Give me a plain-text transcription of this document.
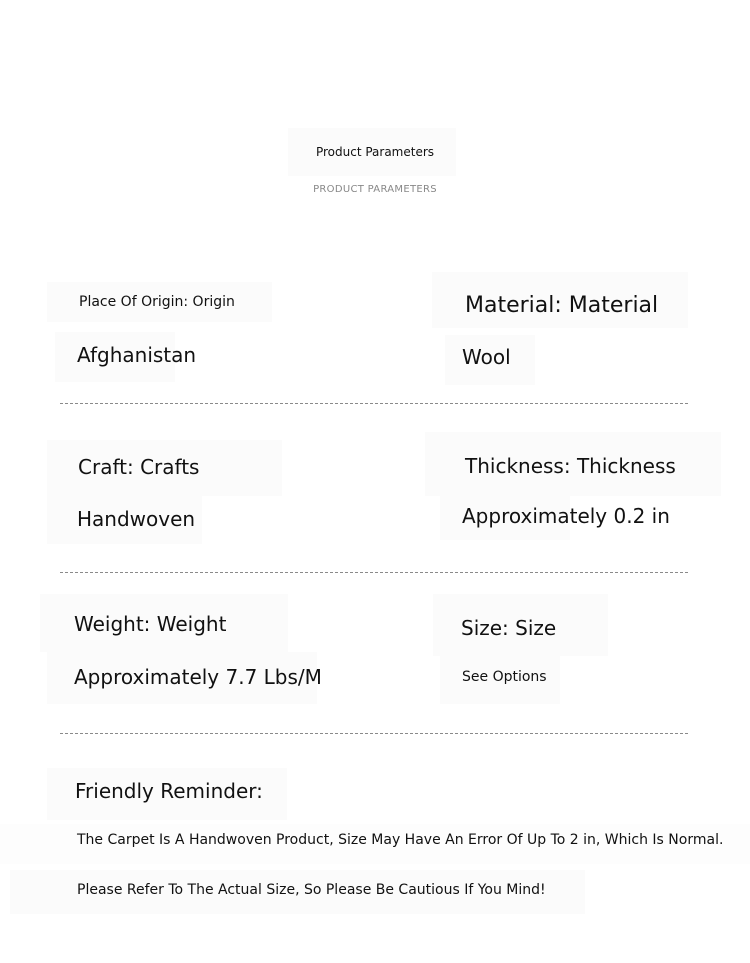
Product Parameters
PRODUCT PARAMETERS
Place Of Origin: Origin
Afghanistan
Material: Material
Wool
Craft: Crafts
Handwoven
Thickness: Thickness
Approximately 0.2 in
Weight: Weight
Approximately 7.7 Lbs/M
Size: Size
See Options
Friendly Reminder:
The Carpet Is A Handwoven Product, Size May Have An Error Of Up To 2 in, Which Is Normal.
Please Refer To The Actual Size, So Please Be Cautious If You Mind!
